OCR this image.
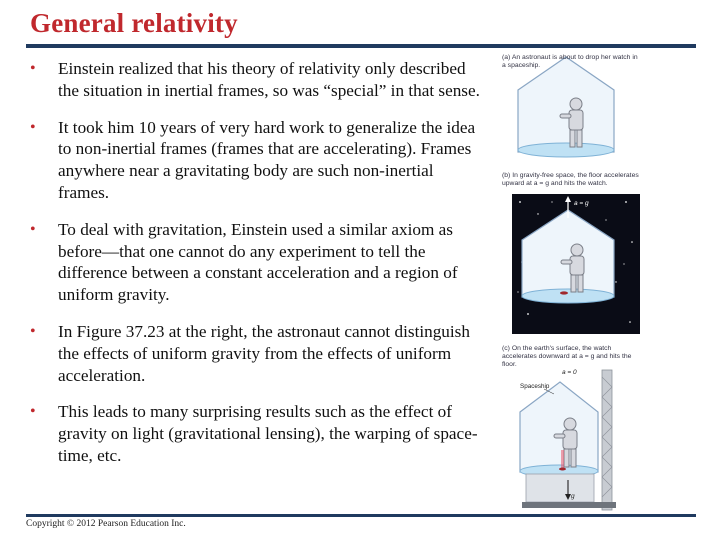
General relativity
• Einstein realized that his theory of relativity only described the situation in inertial frames, so was “special” in that sense.
• It took him 10 years of very hard work to generalize the idea to non-inertial frames (frames that are accelerating). Frames anywhere near a gravitating body are such non-inertial frames.
• To deal with gravitation, Einstein used a similar axiom as before—that one cannot do any experiment to tell the difference between a constant acceleration and a region of uniform gravity.
• In Figure 37.23 at the right, the astronaut cannot distinguish the effects of uniform gravity from the effects of uniform acceleration.
• This leads to many surprising results such as the effect of gravity on light (gravitational lensing), the warping of space-time, etc.
(a) An astronaut is about to drop her watch in a spaceship.
(b) In gravity-free space, the floor accelerates upward at a = g and hits the watch.
(c) On the earth's surface, the watch accelerates downward at a = g and hits the floor.
a = g
g
a = 0
Spaceship
Copyright © 2012 Pearson Education Inc.
